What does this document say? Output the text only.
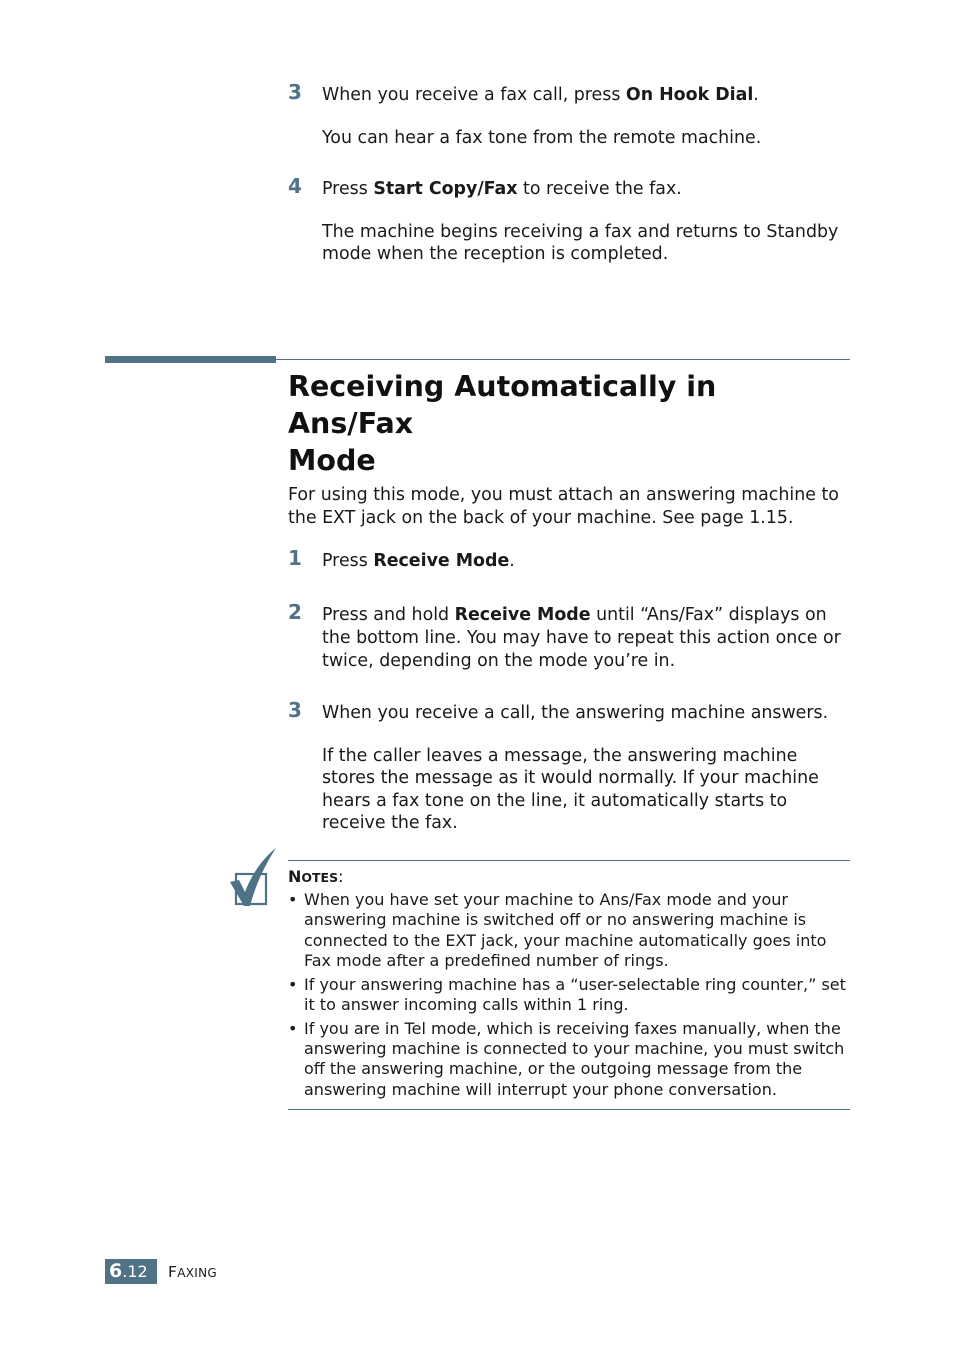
3 When you receive a fax call, press On Hook Dial.

You can hear a fax tone from the remote machine.

4 Press Start Copy/Fax to receive the fax.

The machine begins receiving a fax and returns to Standby mode when the reception is completed.

Receiving Automatically in Ans/Fax
Mode

For using this mode, you must attach an answering machine to the EXT jack on the back of your machine. See page 1.15.

1 Press Receive Mode.

2 Press and hold Receive Mode until “Ans/Fax” displays on the bottom line. You may have to repeat this action once or twice, depending on the mode you’re in.

3 When you receive a call, the answering machine answers.

If the caller leaves a message, the answering machine stores the message as it would normally. If your machine hears a fax tone on the line, it automatically starts to receive the fax.

NOTES:

• When you have set your machine to Ans/Fax mode and your answering machine is switched off or no answering machine is connected to the EXT jack, your machine automatically goes into Fax mode after a predefined number of rings.
• If your answering machine has a “user-selectable ring counter,” set it to answer incoming calls within 1 ring.
• If you are in Tel mode, which is receiving faxes manually, when the answering machine is connected to your machine, you must switch off the answering machine, or the outgoing message from the answering machine will interrupt your phone conversation.
6.12	FAXING
